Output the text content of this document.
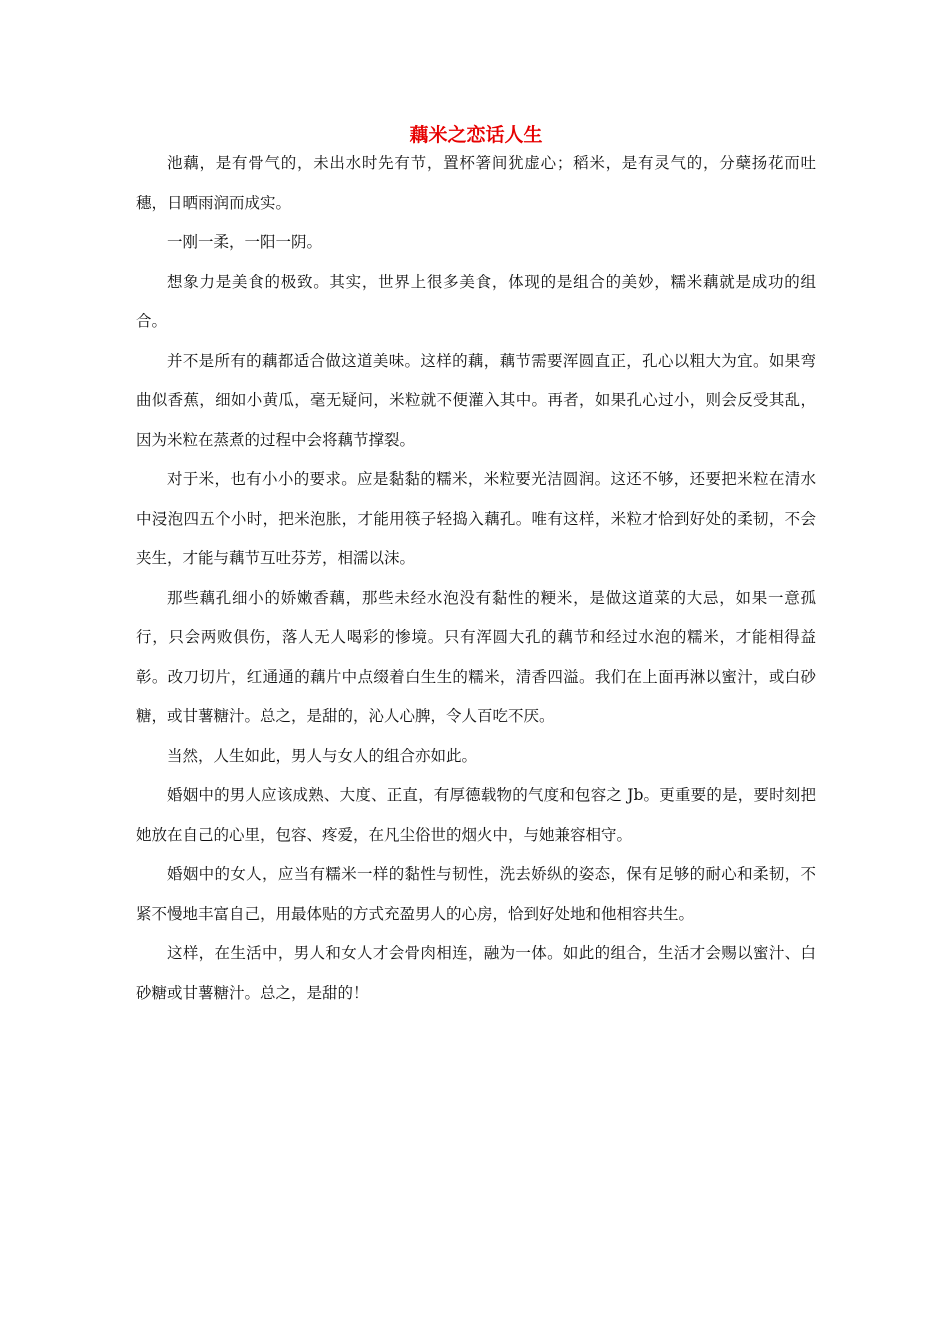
藕米之恋话人生

池藕，是有骨气的，未出水时先有节，置杯箸间犹虚心；稻米，是有灵气的，分蘖扬花而吐穗，日晒雨润而成实。

一刚一柔，一阳一阴。

想象力是美食的极致。其实，世界上很多美食，体现的是组合的美妙，糯米藕就是成功的组合。

并不是所有的藕都适合做这道美味。这样的藕，藕节需要浑圆直正，孔心以粗大为宜。如果弯曲似香蕉，细如小黄瓜，毫无疑问，米粒就不便灌入其中。再者，如果孔心过小，则会反受其乱，因为米粒在蒸煮的过程中会将藕节撑裂。

对于米，也有小小的要求。应是黏黏的糯米，米粒要光洁圆润。这还不够，还要把米粒在清水中浸泡四五个小时，把米泡胀，才能用筷子轻捣入藕孔。唯有这样，米粒才恰到好处的柔韧，不会夹生，才能与藕节互吐芬芳，相濡以沫。

那些藕孔细小的娇嫩香藕，那些未经水泡没有黏性的粳米，是做这道菜的大忌，如果一意孤行，只会两败俱伤，落人无人喝彩的惨境。只有浑圆大孔的藕节和经过水泡的糯米，才能相得益彰。改刀切片，红通通的藕片中点缀着白生生的糯米，清香四溢。我们在上面再淋以蜜汁，或白砂糖，或甘薯糖汁。总之，是甜的，沁人心脾，令人百吃不厌。

当然，人生如此，男人与女人的组合亦如此。

婚姻中的男人应该成熟、大度、正直，有厚德载物的气度和包容之 Jb。更重要的是，要时刻把她放在自己的心里，包容、疼爱，在凡尘俗世的烟火中，与她兼容相守。

婚姻中的女人，应当有糯米一样的黏性与韧性，洗去娇纵的姿态，保有足够的耐心和柔韧，不紧不慢地丰富自己，用最体贴的方式充盈男人的心房，恰到好处地和他相容共生。

这样，在生活中，男人和女人才会骨肉相连，融为一体。如此的组合，生活才会赐以蜜汁、白砂糖或甘薯糖汁。总之，是甜的！
